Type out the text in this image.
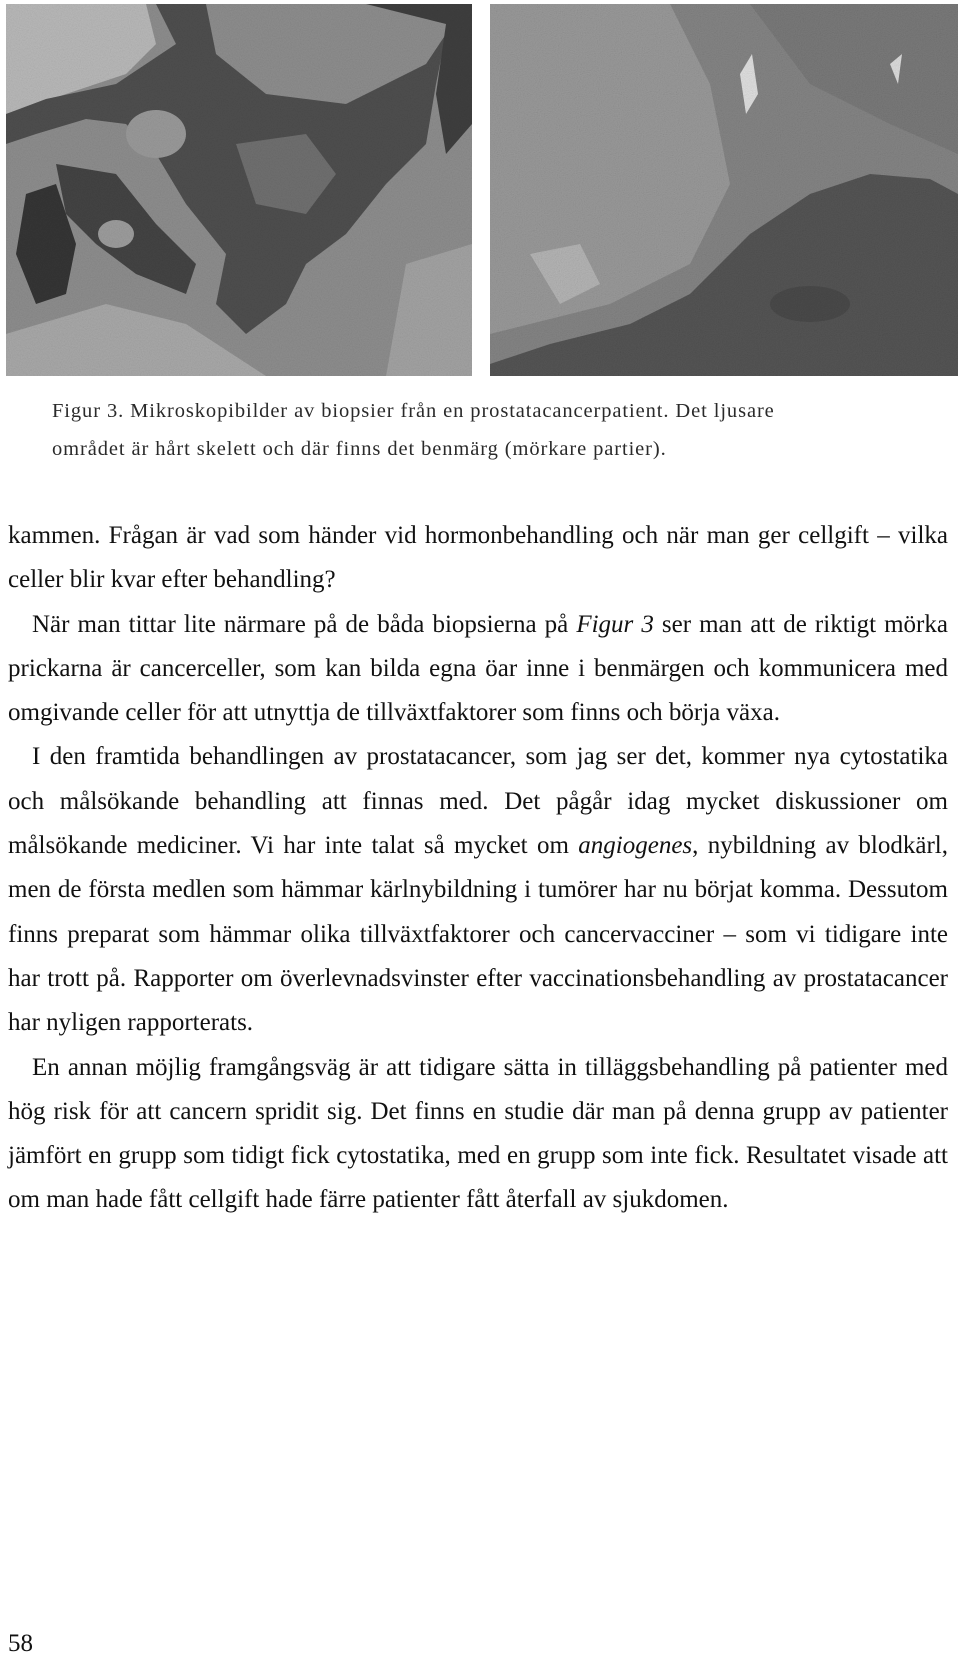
Figur 3. Mikroskopibilder av biopsier från en prostatacancerpatient. Det ljusare

området är hårt skelett och där finns det benmärg (mörkare partier).

kammen. Frågan är vad som händer vid hormonbehandling och när man ger cellgift – vilka celler blir kvar efter behandling?

När man tittar lite närmare på de båda biopsierna på Figur 3 ser man att de riktigt mörka prickarna är cancerceller, som kan bilda egna öar inne i benmärgen och kommunicera med omgivande celler för att utnyttja de tillväxtfaktorer som finns och börja växa.

I den framtida behandlingen av prostatacancer, som jag ser det, kommer nya cytostatika och målsökande behandling att finnas med. Det pågår idag mycket diskussioner om målsökande mediciner. Vi har inte talat så mycket om angiogenes, nybildning av blodkärl, men de första medlen som hämmar kärlnybildning i tumörer har nu börjat komma. Dessutom finns preparat som hämmar olika tillväxtfaktorer och cancervacciner – som vi tidigare inte har trott på. Rapporter om överlevnadsvinster efter vaccinationsbehandling av prostatacancer har nyligen rapporterats.

En annan möjlig framgångsväg är att tidigare sätta in tilläggsbehandling på patienter med hög risk för att cancern spridit sig. Det finns en studie där man på denna grupp av patienter jämfört en grupp som tidigt fick cytostatika, med en grupp som inte fick. Resultatet visade att om man hade fått cellgift hade färre patienter fått återfall av sjukdomen.

58
